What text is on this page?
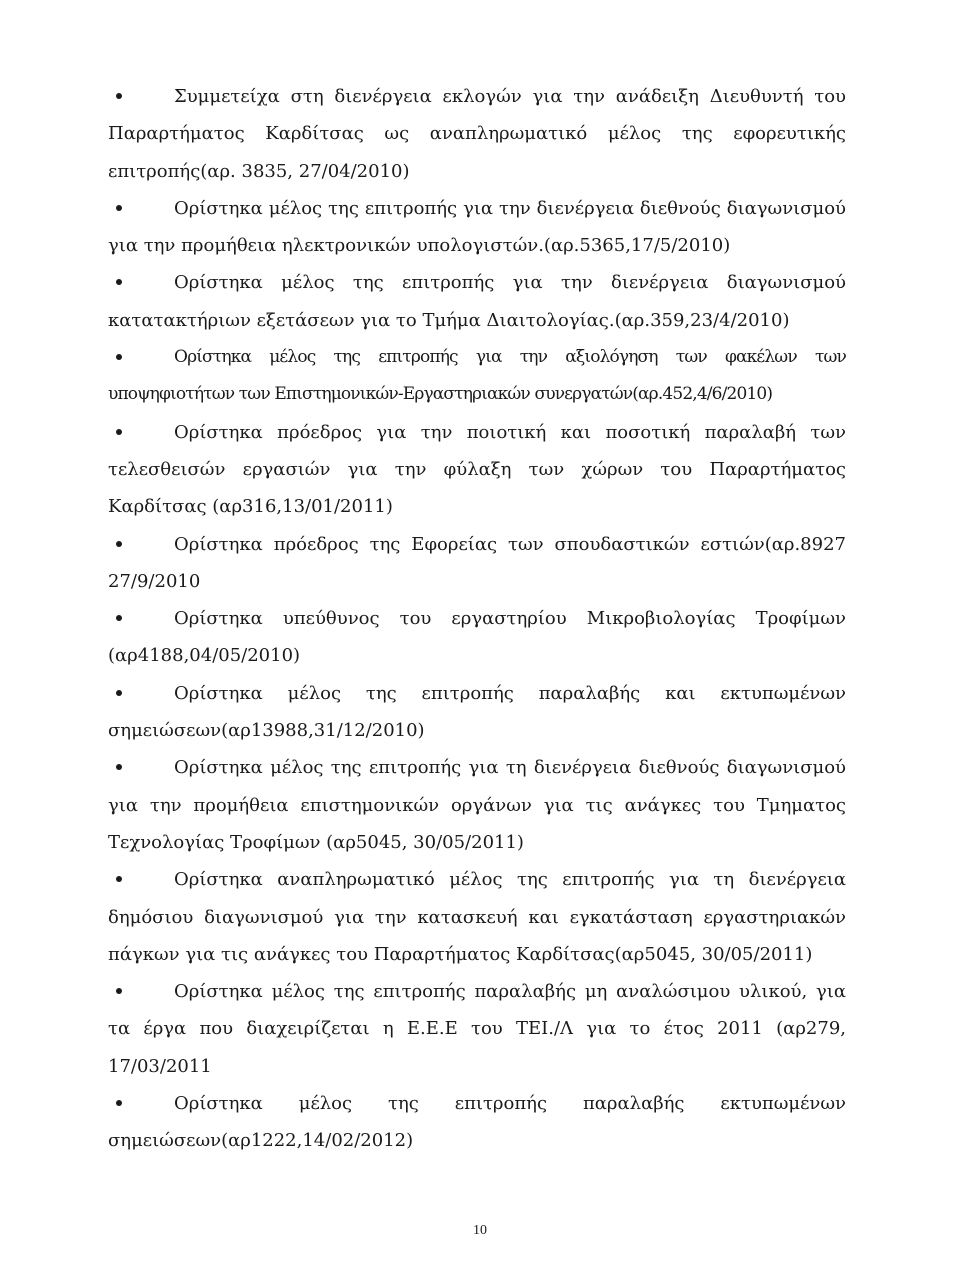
Συμμετείχα στη διενέργεια εκλογών για την ανάδειξη Διευθυντή του Παραρτήματος Καρδίτσας ως αναπληρωματικό μέλος της εφορευτικής επιτροπής(αρ. 3835, 27/04/2010)
Ορίστηκα μέλος της επιτροπής για την διενέργεια διεθνούς διαγωνισμού για την προμήθεια ηλεκτρονικών υπολογιστών.(αρ.5365,17/5/2010)
Ορίστηκα μέλος της επιτροπής για την διενέργεια διαγωνισμού κατατακτήριων εξετάσεων για το Τμήμα Διαιτολογίας.(αρ.359,23/4/2010)
Ορίστηκα μέλος της επιτροπής για την αξιολόγηση των φακέλων των υποψηφιοτήτων των Επιστημονικών-Εργαστηριακών συνεργατών(αρ.452,4/6/2010)
Ορίστηκα πρόεδρος για την ποιοτική και ποσοτική παραλαβή των τελεσθεισών εργασιών για την φύλαξη των χώρων του Παραρτήματος Καρδίτσας (αρ316,13/01/2011)
Ορίστηκα πρόεδρος της Εφορείας των σπουδαστικών εστιών(αρ.8927 27/9/2010
Ορίστηκα υπεύθυνος του εργαστηρίου Μικροβιολογίας Τροφίμων (αρ4188,04/05/2010)
Ορίστηκα μέλος της επιτροπής παραλαβής και εκτυπωμένων σημειώσεων(αρ13988,31/12/2010)
Ορίστηκα μέλος της επιτροπής για τη διενέργεια διεθνούς διαγωνισμού για την προμήθεια επιστημονικών οργάνων για τις ανάγκες του Τμηματος Τεχνολογίας Τροφίμων (αρ5045, 30/05/2011)
Ορίστηκα αναπληρωματικό μέλος της επιτροπής για τη διενέργεια δημόσιου διαγωνισμού για την κατασκευή και εγκατάσταση εργαστηριακών πάγκων για τις ανάγκες του Παραρτήματος Καρδίτσας(αρ5045, 30/05/2011)
Ορίστηκα μέλος της επιτροπής παραλαβής μη αναλώσιμου υλικού, για τα έργα που διαχειρίζεται η Ε.Ε.Ε του ΤΕΙ./Λ για το έτος 2011 (αρ279, 17/03/2011
Ορίστηκα μέλος της επιτροπής παραλαβής εκτυπωμένων σημειώσεων(αρ1222,14/02/2012)
10
